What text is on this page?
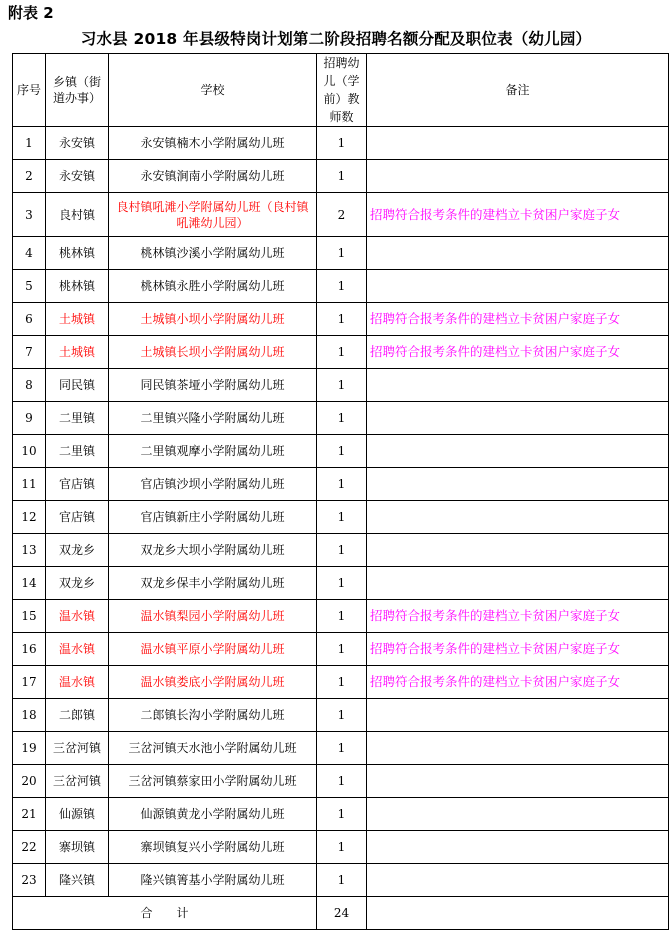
附表 2
习水县 2018 年县级特岗计划第二阶段招聘名额分配及职位表（幼儿园）
序号	乡镇（街道办事）	学校	招聘幼儿（学前）教师数	备注
1	永安镇	永安镇楠木小学附属幼儿班	1	
2	永安镇	永安镇涧南小学附属幼儿班	1	
3	良村镇	良村镇吼滩小学附属幼儿班（良村镇吼滩幼儿园）	2	招聘符合报考条件的建档立卡贫困户家庭子女
4	桃林镇	桃林镇沙溪小学附属幼儿班	1	
5	桃林镇	桃林镇永胜小学附属幼儿班	1	
6	土城镇	土城镇小坝小学附属幼儿班	1	招聘符合报考条件的建档立卡贫困户家庭子女
7	土城镇	土城镇长坝小学附属幼儿班	1	招聘符合报考条件的建档立卡贫困户家庭子女
8	同民镇	同民镇茶垭小学附属幼儿班	1	
9	二里镇	二里镇兴隆小学附属幼儿班	1	
10	二里镇	二里镇观摩小学附属幼儿班	1	
11	官店镇	官店镇沙坝小学附属幼儿班	1	
12	官店镇	官店镇新庄小学附属幼儿班	1	
13	双龙乡	双龙乡大坝小学附属幼儿班	1	
14	双龙乡	双龙乡保丰小学附属幼儿班	1	
15	温水镇	温水镇梨园小学附属幼儿班	1	招聘符合报考条件的建档立卡贫困户家庭子女
16	温水镇	温水镇平原小学附属幼儿班	1	招聘符合报考条件的建档立卡贫困户家庭子女
17	温水镇	温水镇娄底小学附属幼儿班	1	招聘符合报考条件的建档立卡贫困户家庭子女
18	二郎镇	二郎镇长沟小学附属幼儿班	1	
19	三岔河镇	三岔河镇天水池小学附属幼儿班	1	
20	三岔河镇	三岔河镇蔡家田小学附属幼儿班	1	
21	仙源镇	仙源镇黄龙小学附属幼儿班	1	
22	寨坝镇	寨坝镇复兴小学附属幼儿班	1	
23	隆兴镇	隆兴镇箐基小学附属幼儿班	1	
合　　计			24	
